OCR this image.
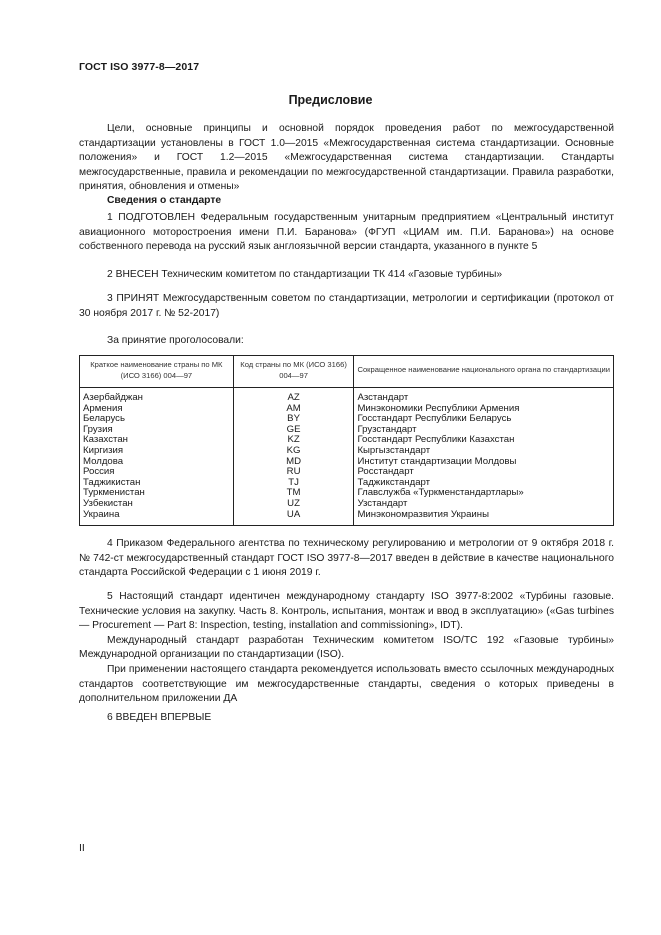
ГОСТ ISO 3977-8—2017
Предисловие

Цели, основные принципы и основной порядок проведения работ по межгосударственной стандартизации установлены в ГОСТ 1.0—2015 «Межгосударственная система стандартизации. Основные положения» и ГОСТ 1.2—2015 «Межгосударственная система стандартизации. Стандарты межгосударственные, правила и рекомендации по межгосударственной стандартизации. Правила разработки, принятия, обновления и отмены»

Сведения о стандарте

1 ПОДГОТОВЛЕН Федеральным государственным унитарным предприятием «Центральный институт авиационного моторостроения имени П.И. Баранова» (ФГУП «ЦИАМ им. П.И. Баранова») на основе собственного перевода на русский язык англоязычной версии стандарта, указанного в пункте 5

2 ВНЕСЕН Техническим комитетом по стандартизации ТК 414 «Газовые турбины»

3 ПРИНЯТ Межгосударственным советом по стандартизации, метрологии и сертификации (протокол от 30 ноября 2017 г. № 52-2017)

За принятие проголосовали:

Краткое наименование страны по МК (ИСО 3166) 004—97	Код страны по МК (ИСО 3166) 004—97	Сокращенное наименование национального органа по стандартизации
Азербайджан	AZ	Азстандарт
Армения	AM	Минэкономики Республики Армения
Беларусь	BY	Госстандарт Республики Беларусь
Грузия	GE	Грузстандарт
Казахстан	KZ	Госстандарт Республики Казахстан
Киргизия	KG	Кыргызстандарт
Молдова	MD	Институт стандартизации Молдовы
Россия	RU	Росстандарт
Таджикистан	TJ	Таджикстандарт
Туркменистан	TM	Главслужба «Туркменстандартлары»
Узбекистан	UZ	Узстандарт
Украина	UA	Минэкономразвития Украины

4 Приказом Федерального агентства по техническому регулированию и метрологии от 9 октября 2018 г. № 742-ст межгосударственный стандарт ГОСТ ISO 3977-8—2017 введен в действие в качестве национального стандарта Российской Федерации с 1 июня 2019 г.

5 Настоящий стандарт идентичен международному стандарту ISO 3977-8:2002 «Турбины газовые. Технические условия на закупку. Часть 8. Контроль, испытания, монтаж и ввод в эксплуатацию» («Gas turbines — Procurement — Part 8: Inspection, testing, installation and commissioning», IDT).

Международный стандарт разработан Техническим комитетом ISO/TC 192 «Газовые турбины» Международной организации по стандартизации (ISO).

При применении настоящего стандарта рекомендуется использовать вместо ссылочных международных стандартов соответствующие им межгосударственные стандарты, сведения о которых приведены в дополнительном приложении ДА

6 ВВЕДЕН ВПЕРВЫЕ

II
